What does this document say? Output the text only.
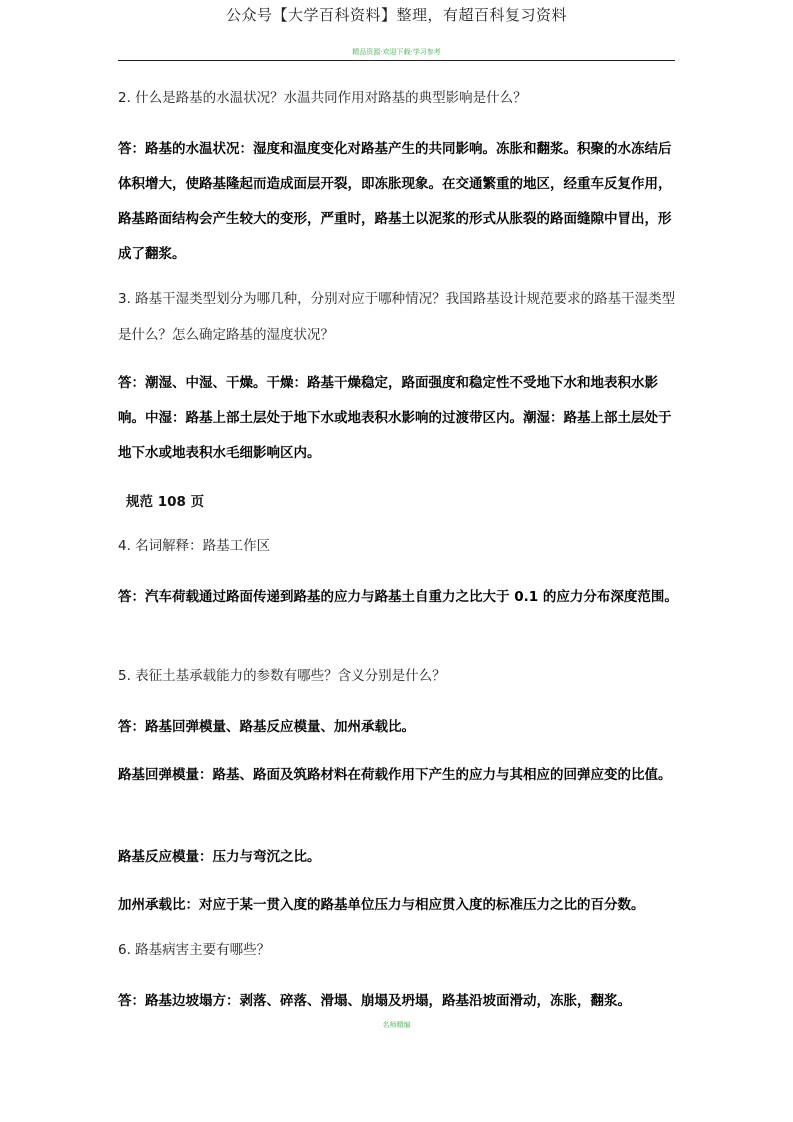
公众号【大学百科资料】整理，有超百科复习资料
精品资源·欢迎下载·学习参考
2. 什么是路基的水温状况？水温共同作用对路基的典型影响是什么？
答：路基的水温状况：湿度和温度变化对路基产生的共同影响。冻胀和翻浆。积聚的水冻结后体积增大，使路基隆起而造成面层开裂，即冻胀现象。在交通繁重的地区，经重车反复作用，路基路面结构会产生较大的变形，严重时，路基土以泥浆的形式从胀裂的路面缝隙中冒出，形成了翻浆。
3. 路基干湿类型划分为哪几种，分别对应于哪种情况？我国路基设计规范要求的路基干湿类型是什么？怎么确定路基的湿度状况？
答：潮湿、中湿、干燥。干燥：路基干燥稳定，路面强度和稳定性不受地下水和地表积水影响。中湿：路基上部土层处于地下水或地表积水影响的过渡带区内。潮湿：路基上部土层处于地下水或地表积水毛细影响区内。
规范 108 页
4. 名词解释：路基工作区
答：汽车荷载通过路面传递到路基的应力与路基土自重力之比大于 0.1 的应力分布深度范围。
5. 表征土基承载能力的参数有哪些？含义分别是什么？
答：路基回弹模量、路基反应模量、加州承载比。
路基回弹模量：路基、路面及筑路材料在荷载作用下产生的应力与其相应的回弹应变的比值。
路基反应模量：压力与弯沉之比。
加州承载比：对应于某一贯入度的路基单位压力与相应贯入度的标准压力之比的百分数。
6. 路基病害主要有哪些？
答：路基边坡塌方：剥落、碎落、滑塌、崩塌及坍塌，路基沿坡面滑动，冻胀，翻浆。
名师精编
